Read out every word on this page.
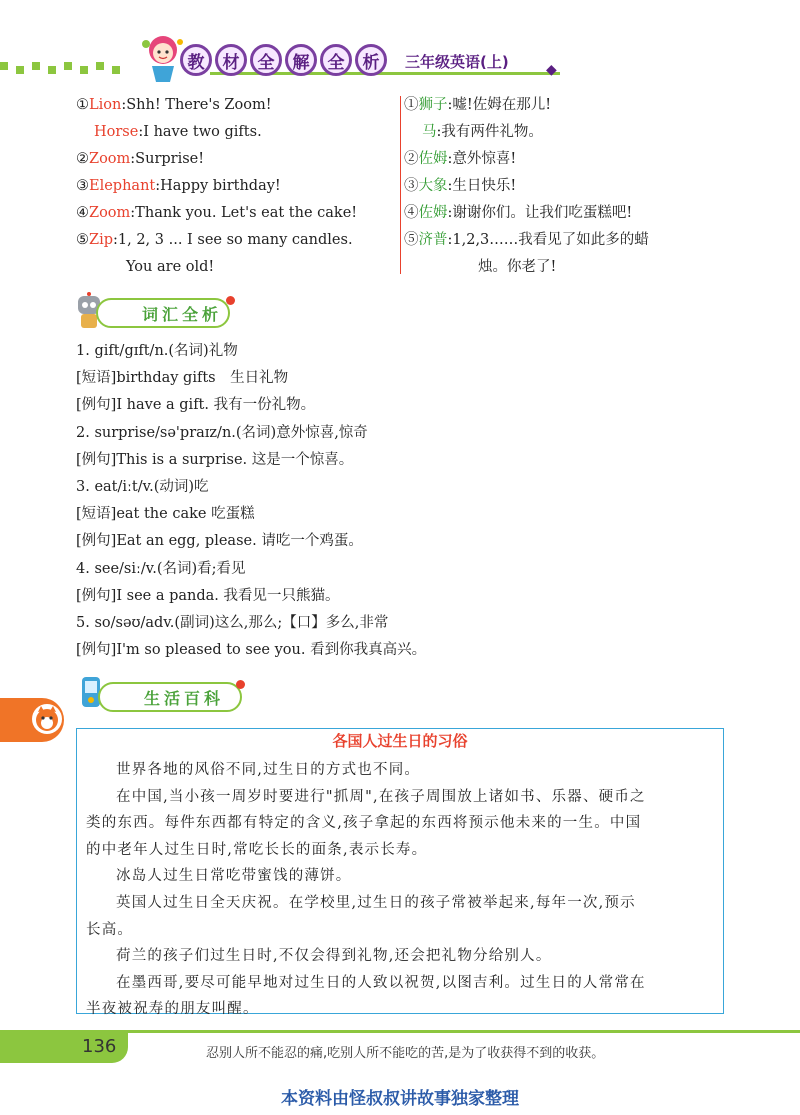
教	材	全	解	全	析	三年级英语(上)	◆
①Lion:Shh! There's Zoom!
Horse:I have two gifts.
②Zoom:Surprise!
③Elephant:Happy birthday!
④Zoom:Thank you. Let's eat the cake!
⑤Zip:1, 2, 3 ... I see so many candles.
You are old!
①狮子:嘘!佐姆在那儿!
马:我有两件礼物。
②佐姆:意外惊喜!
③大象:生日快乐!
④佐姆:谢谢你们。让我们吃蛋糕吧!
⑤济普:1,2,3……我看见了如此多的蜡
烛。你老了!
词汇全析
1. gift/gɪft/n.(名词)礼物
[短语]birthday gifts　生日礼物
[例句]I have a gift. 我有一份礼物。
2. surprise/sə'praɪz/n.(名词)意外惊喜,惊奇
[例句]This is a surprise. 这是一个惊喜。
3. eat/iːt/v.(动词)吃
[短语]eat the cake 吃蛋糕
[例句]Eat an egg, please. 请吃一个鸡蛋。
4. see/siː/v.(名词)看;看见
[例句]I see a panda. 我看见一只熊猫。
5. so/səʊ/adv.(副词)这么,那么;【口】多么,非常
[例句]I'm so pleased to see you. 看到你我真高兴。
生活百科
各国人过生日的习俗
世界各地的风俗不同,过生日的方式也不同。
在中国,当小孩一周岁时要进行"抓周",在孩子周围放上诸如书、乐器、硬币之
类的东西。每件东西都有特定的含义,孩子拿起的东西将预示他未来的一生。中国
的中老年人过生日时,常吃长长的面条,表示长寿。
冰岛人过生日常吃带蜜饯的薄饼。
英国人过生日全天庆祝。在学校里,过生日的孩子常被举起来,每年一次,预示
长高。
荷兰的孩子们过生日时,不仅会得到礼物,还会把礼物分给别人。
在墨西哥,要尽可能早地对过生日的人致以祝贺,以图吉利。过生日的人常常在
半夜被祝寿的朋友叫醒。
136	忍别人所不能忍的痛,吃别人所不能吃的苦,是为了收获得不到的收获。
本资料由怪叔叔讲故事独家整理
